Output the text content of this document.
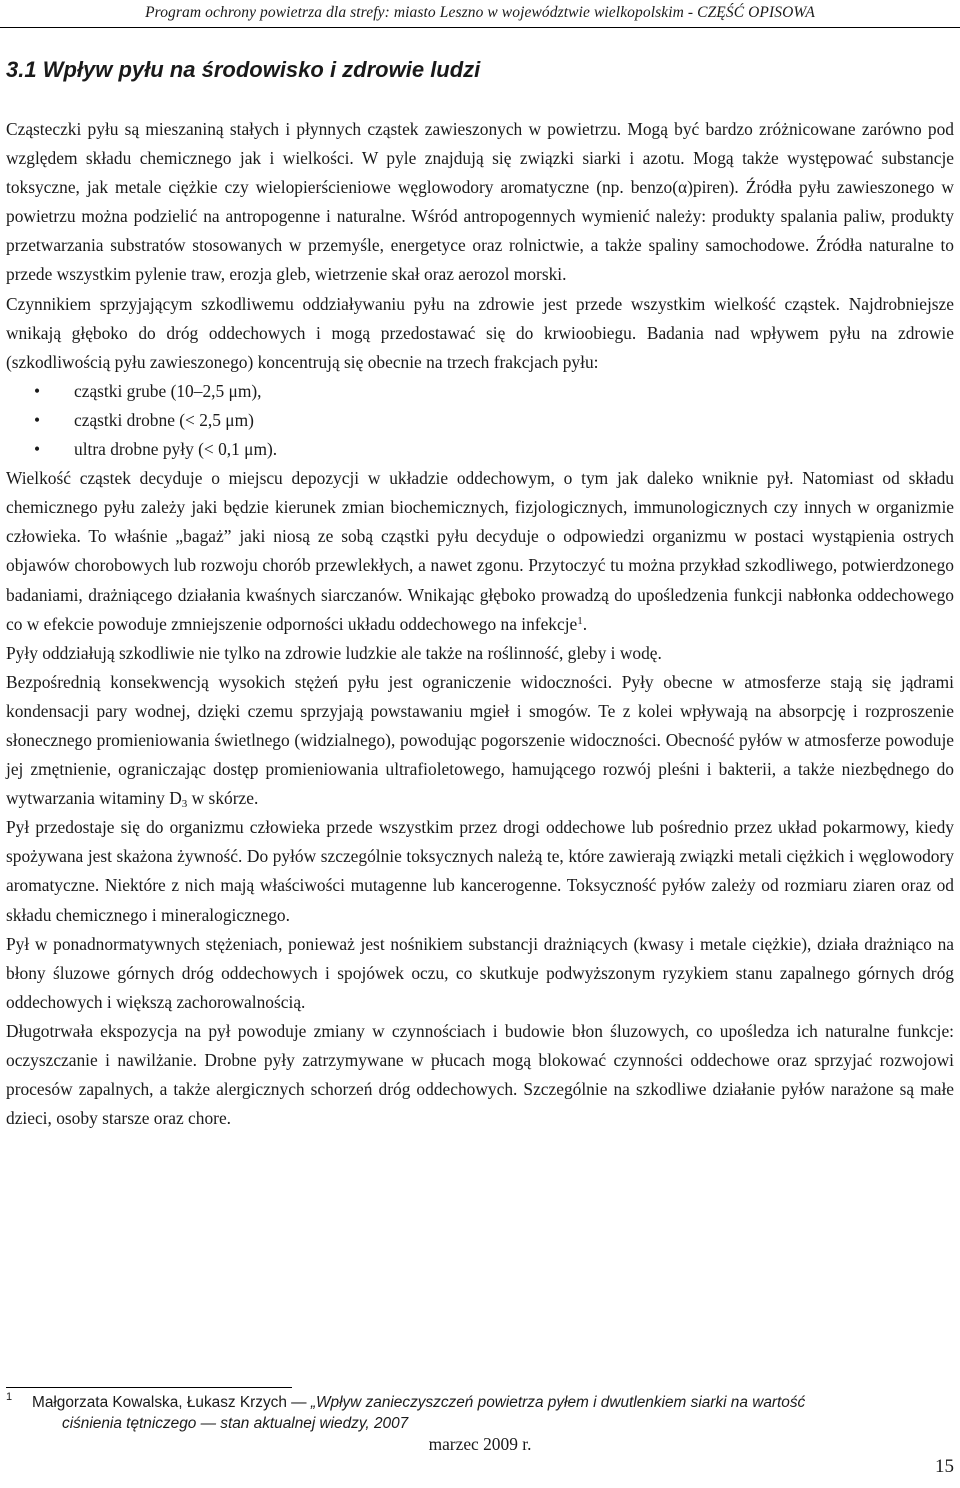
Program ochrony powietrza dla strefy: miasto Leszno w województwie wielkopolskim - CZĘŚĆ OPISOWA
3.1 Wpływ pyłu na środowisko i zdrowie ludzi

Cząsteczki pyłu są mieszaniną stałych i płynnych cząstek zawieszonych w powietrzu. Mogą być bardzo zróżnicowane zarówno pod względem składu chemicznego jak i wielkości. W pyle znajdują się związki siarki i azotu. Mogą także występować substancje toksyczne, jak metale ciężkie czy wielopierścieniowe węglowodory aromatyczne (np. benzo(α)piren). Źródła pyłu zawieszonego w powietrzu można podzielić na antropogenne i naturalne. Wśród antropogennych wymienić należy: produkty spalania paliw, produkty przetwarzania substratów stosowanych w przemyśle, energetyce oraz rolnictwie, a także spaliny samochodowe. Źródła naturalne to przede wszystkim pylenie traw, erozja gleb, wietrzenie skał oraz aerozol morski.

Czynnikiem sprzyjającym szkodliwemu oddziaływaniu pyłu na zdrowie jest przede wszystkim wielkość cząstek. Najdrobniejsze wnikają głęboko do dróg oddechowych i mogą przedostawać się do krwioobiegu. Badania nad wpływem pyłu na zdrowie (szkodliwością pyłu zawieszonego) koncentrują się obecnie na trzech frakcjach pyłu:

• cząstki grube (10–2,5 μm),
• cząstki drobne (< 2,5 μm)
• ultra drobne pyły (< 0,1 μm).

Wielkość cząstek decyduje o miejscu depozycji w układzie oddechowym, o tym jak daleko wniknie pył. Natomiast od składu chemicznego pyłu zależy jaki będzie kierunek zmian biochemicznych, fizjologicznych, immunologicznych czy innych w organizmie człowieka. To właśnie „bagaż” jaki niosą ze sobą cząstki pyłu decyduje o odpowiedzi organizmu w postaci wystąpienia ostrych objawów chorobowych lub rozwoju chorób przewlekłych, a nawet zgonu. Przytoczyć tu można przykład szkodliwego, potwierdzonego badaniami, drażniącego działania kwaśnych siarczanów. Wnikając głęboko prowadzą do upośledzenia funkcji nabłonka oddechowego co w efekcie powoduje zmniejszenie odporności układu oddechowego na infekcje$^1$.

Pyły oddziałują szkodliwie nie tylko na zdrowie ludzkie ale także na roślinność, gleby i wodę.

Bezpośrednią konsekwencją wysokich stężeń pyłu jest ograniczenie widoczności. Pyły obecne w atmosferze stają się jądrami kondensacji pary wodnej, dzięki czemu sprzyjają powstawaniu mgieł i smogów. Te z kolei wpływają na absorpcję i rozproszenie słonecznego promieniowania świetlnego (widzialnego), powodując pogorszenie widoczności. Obecność pyłów w atmosferze powoduje jej zmętnienie, ograniczając dostęp promieniowania ultrafioletowego, hamującego rozwój pleśni i bakterii, a także niezbędnego do wytwarzania witaminy $D_3$ w skórze.

Pył przedostaje się do organizmu człowieka przede wszystkim przez drogi oddechowe lub pośrednio przez układ pokarmowy, kiedy spożywana jest skażona żywność. Do pyłów szczególnie toksycznych należą te, które zawierają związki metali ciężkich i węglowodory aromatyczne. Niektóre z nich mają właściwości mutagenne lub kancerogenne. Toksyczność pyłów zależy od rozmiaru ziaren oraz od składu chemicznego i mineralogicznego.

Pył w ponadnormatywnych stężeniach, ponieważ jest nośnikiem substancji drażniących (kwasy i metale ciężkie), działa drażniąco na błony śluzowe górnych dróg oddechowych i spojówek oczu, co skutkuje podwyższonym ryzykiem stanu zapalnego górnych dróg oddechowych i większą zachorowalnością.

Długotrwała ekspozycja na pył powoduje zmiany w czynnościach i budowie błon śluzowych, co upośledza ich naturalne funkcje: oczyszczanie i nawilżanie. Drobne pyły zatrzymywane w płucach mogą blokować czynności oddechowe oraz sprzyjać rozwojowi procesów zapalnych, a także alergicznych schorzeń dróg oddechowych. Szczególnie na szkodliwe działanie pyłów narażone są małe dzieci, osoby starsze oraz chore.

1 Małgorzata Kowalska, Łukasz Krzych — „Wpływ zanieczyszczeń powietrza pyłem i dwutlenkiem siarki na wartość
ciśnienia tętniczego — stan aktualnej wiedzy, 2007
marzec 2009 r.
15
